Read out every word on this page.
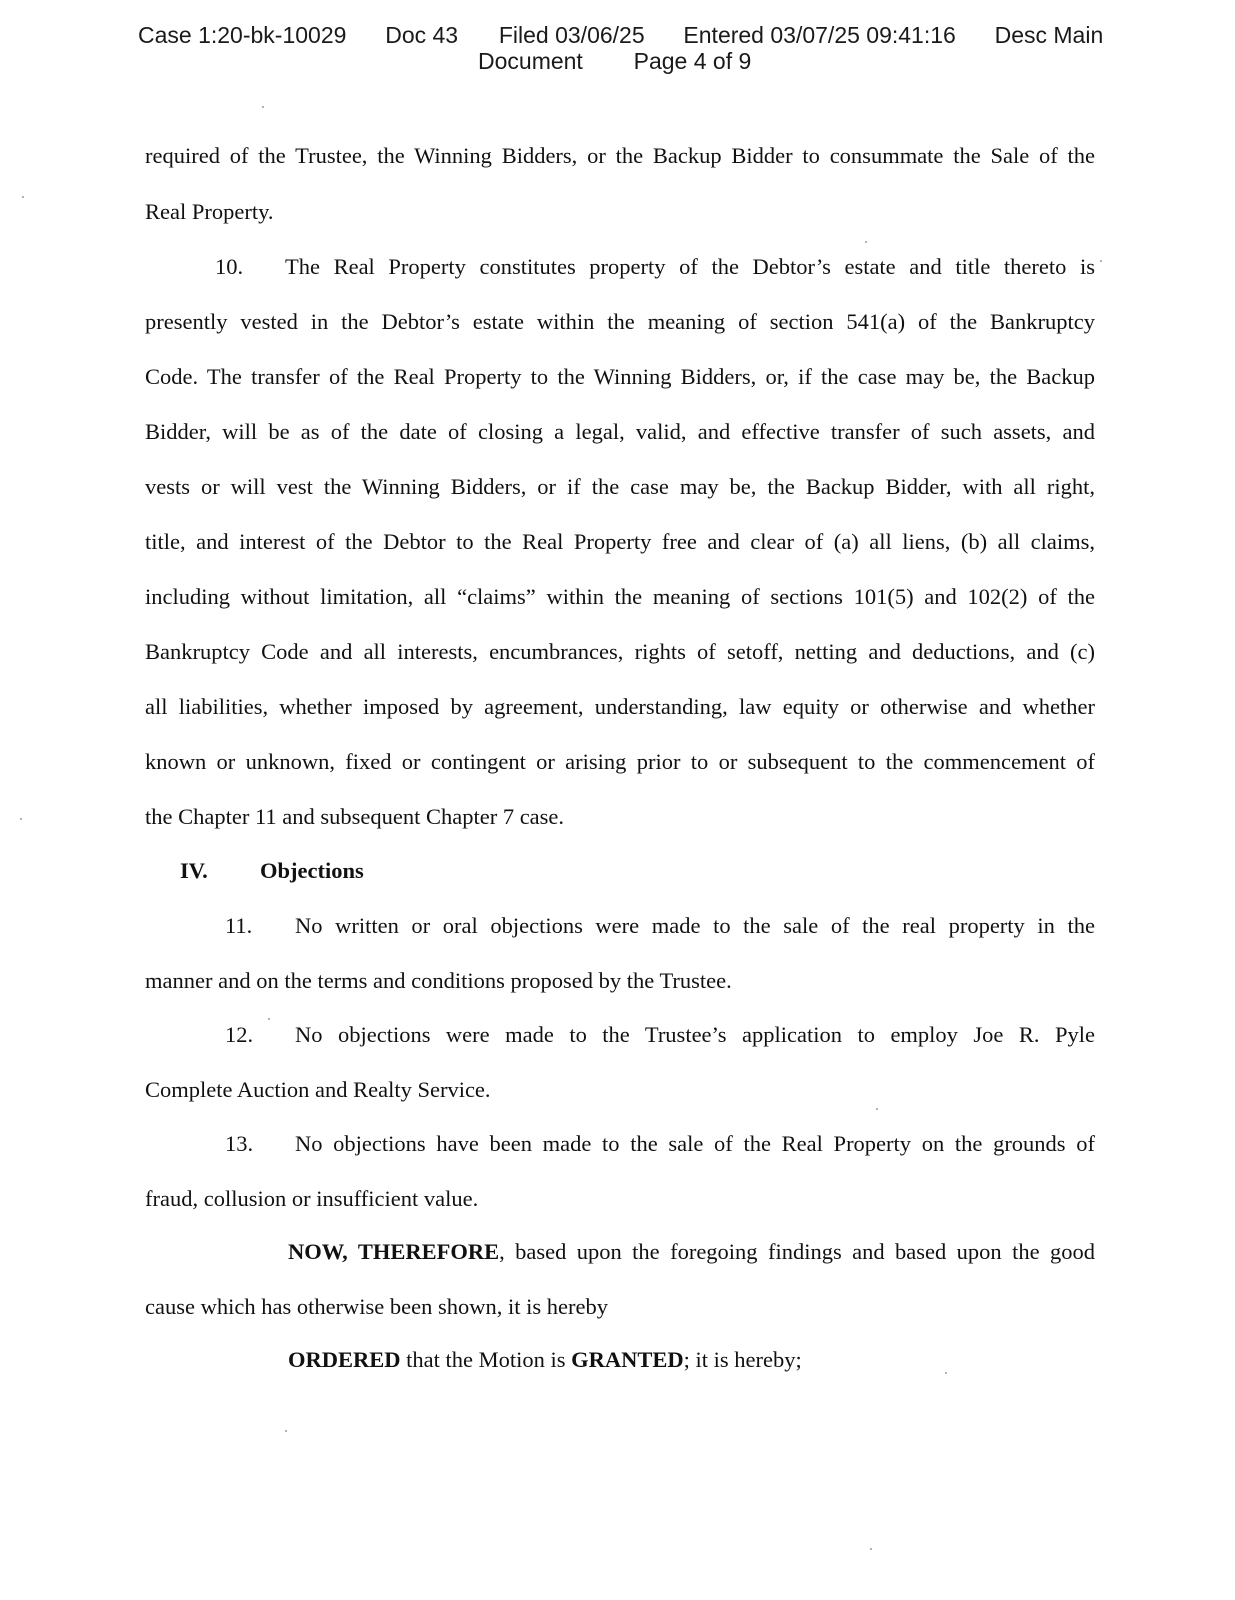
Case 1:20-bk-10029 Doc 43 Filed 03/06/25 Entered 03/07/25 09:41:16 Desc Main
Document Page 4 of 9
required of the Trustee, the Winning Bidders, or the Backup Bidder to consummate the Sale of the
Real Property.
10. The Real Property constitutes property of the Debtor’s estate and title thereto is
presently vested in the Debtor’s estate within the meaning of section 541(a) of the Bankruptcy
Code. The transfer of the Real Property to the Winning Bidders, or, if the case may be, the Backup
Bidder, will be as of the date of closing a legal, valid, and effective transfer of such assets, and
vests or will vest the Winning Bidders, or if the case may be, the Backup Bidder, with all right,
title, and interest of the Debtor to the Real Property free and clear of (a) all liens, (b) all claims,
including without limitation, all “claims” within the meaning of sections 101(5) and 102(2) of the
Bankruptcy Code and all interests, encumbrances, rights of setoff, netting and deductions, and (c)
all liabilities, whether imposed by agreement, understanding, law equity or otherwise and whether
known or unknown, fixed or contingent or arising prior to or subsequent to the commencement of
the Chapter 11 and subsequent Chapter 7 case.
IV. Objections
11. No written or oral objections were made to the sale of the real property in the
manner and on the terms and conditions proposed by the Trustee.
12. No objections were made to the Trustee’s application to employ Joe R. Pyle
Complete Auction and Realty Service.
13. No objections have been made to the sale of the Real Property on the grounds of
fraud, collusion or insufficient value.
NOW, THEREFORE, based upon the foregoing findings and based upon the good
cause which has otherwise been shown, it is hereby
ORDERED that the Motion is GRANTED; it is hereby;
